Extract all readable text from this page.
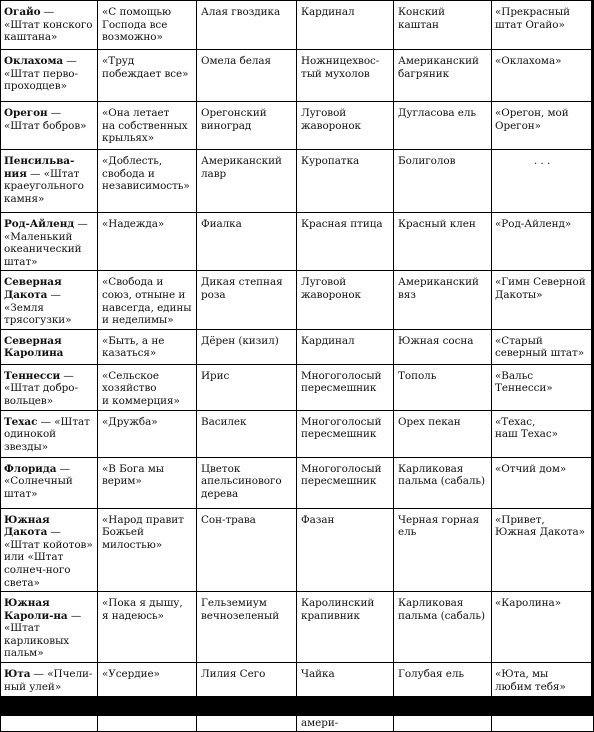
Огайо — «Штат конского каштана»	«С помощью
Господа все
возможно»	Алая гвоздика	Кардинал	Конский
каштан	«Прекрасный
штат Огайо»

Оклахома — «Штат перво-проходцев»	«Труд
побеждает все»	Омела белая	Ножницехвос-
тый мухолов	Американский
багряник	«Оклахома»

Орегон — «Штат бобров»	«Она летает
на собственных
крыльях»	Орегонский
виноград	Луговой
жаворонок	Дугласова ель	«Орегон, мой
Орегон»

Пенсильва-
ния — «Штат краеугольного камня»	«Доблесть,
свобода и
независимость»	Американский
лавр	Куропатка	Болиголов	. . .

Род-Айленд — «Маленький океанический штат»	«Надежда»	Фиалка	Красная птица	Красный клен	«Род-Айленд»

Северная Дакота — «Земля трясогузки»	«Свобода и
союз, отныне и
навсегда, едины
и неделимы»	Дикая степная
роза	Луговой
жаворонок	Американский
вяз	«Гимн Северной
Дакоты»

Северная Каролина	«Быть, а не
казаться»	Дёрен (кизил)	Кардинал	Южная сосна	«Старый
северный штат»

Теннесси — «Штат добро-вольцев»	«Сельское
хозяйство
и коммерция»	Ирис	Многоголосый
пересмешник	Тополь	«Вальс
Теннесси»

Техас — «Штат одинокой звезды»	«Дружба»	Василек	Многоголосый
пересмешник	Орех пекан	«Техас,
наш Техас»

Флорида — «Солнечный штат»	«В Бога мы
верим»	Цветок
апельсинового
дерева	Многоголосый
пересмешник	Карликовая
пальма (сабаль)	«Отчий дом»

Южная Дакота — «Штат койотов» или «Штат солнеч-ного света»	«Народ правит
Божьей
милостью»	Сон-трава	Фазан	Черная горная
ель	«Привет,
Южная Дакота»

Южная Кароли-на — «Штат карликовых пальм»	«Пока я дышу,
я надеюсь»	Гельземиум
вечнозеленый	Каролинский
крапивник	Карликовая
пальма (сабаль)	«Каролина»

Юта — «Пчели-ный улей»	«Усердие»	Лилия Сего	Чайка	Голубая ель	«Юта, мы
любим тебя»

амери-
